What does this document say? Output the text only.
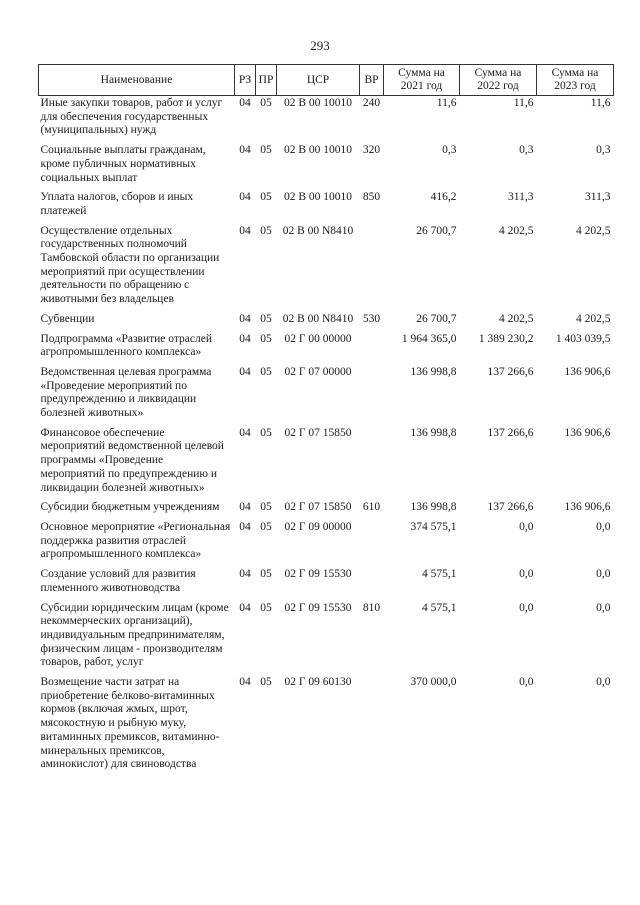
293
Наименование	РЗ	ПР	ЦСР	ВР	Сумма на 2021 год	Сумма на 2022 год	Сумма на 2023 год
Иные закупки товаров, работ и услуг для обеспечения государственных (муниципальных) нужд	04	05	02 В 00 10010	240	11,6	11,6	11,6
Социальные выплаты гражданам, кроме публичных нормативных социальных выплат	04	05	02 В 00 10010	320	0,3	0,3	0,3
Уплата налогов, сборов и иных платежей	04	05	02 В 00 10010	850	416,2	311,3	311,3
Осуществление отдельных государственных полномочий Тамбовской области по организации мероприятий при осуществлении деятельности по обращению с животными без владельцев	04	05	02 В 00 N8410		26 700,7	4 202,5	4 202,5
Субвенции	04	05	02 В 00 N8410	530	26 700,7	4 202,5	4 202,5
Подпрограмма «Развитие отраслей агропромышленного комплекса»	04	05	02 Г 00 00000		1 964 365,0	1 389 230,2	1 403 039,5
Ведомственная целевая программа «Проведение мероприятий по предупреждению и ликвидации болезней животных»	04	05	02 Г 07 00000		136 998,8	137 266,6	136 906,6
Финансовое обеспечение мероприятий ведомственной целевой программы «Проведение мероприятий по предупреждению и ликвидации болезней животных»	04	05	02 Г 07 15850		136 998,8	137 266,6	136 906,6
Субсидии бюджетным учреждениям	04	05	02 Г 07 15850	610	136 998,8	137 266,6	136 906,6
Основное мероприятие «Региональная поддержка развития отраслей агропромышленного комплекса»	04	05	02 Г 09 00000		374 575,1	0,0	0,0
Создание условий для развития племенного животноводства	04	05	02 Г 09 15530		4 575,1	0,0	0,0
Субсидии юридическим лицам (кроме некоммерческих организаций), индивидуальным предпринимателям, физическим лицам - производителям товаров, работ, услуг	04	05	02 Г 09 15530	810	4 575,1	0,0	0,0
Возмещение части затрат на приобретение белково-витаминных кормов (включая жмых, шрот, мясокостную и рыбную муку, витаминных премиксов, витаминно-минеральных премиксов, аминокислот) для свиноводства	04	05	02 Г 09 60130		370 000,0	0,0	0,0
